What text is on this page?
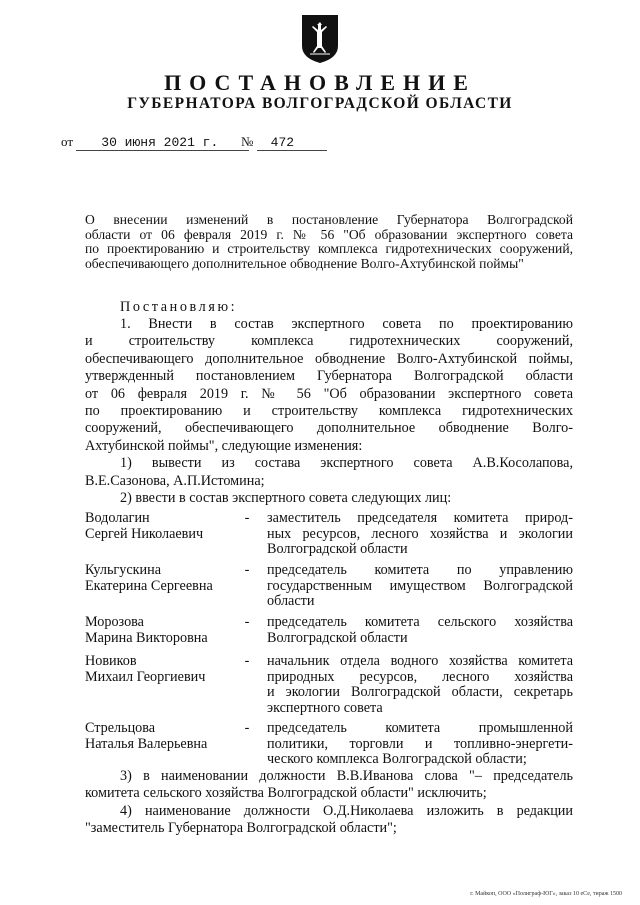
ПОСТАНОВЛЕНИЕ
ГУБЕРНАТОРА ВОЛГОГРАДСКОЙ ОБЛАСТИ
от 30 июня 2021 г.	№ 472
О внесении изменений в постановление Губернатора Волгоградской
области от 06 февраля 2019 г. № 56 "Об образовании экспертного совета
по проектированию и строительству комплекса гидротехнических сооружений,
обеспечивающего дополнительное обводнение Волго-Ахтубинской поймы"
Постановляю:
1. Внести в состав экспертного совета по проектированию
и строительству комплекса гидротехнических сооружений,
обеспечивающего дополнительное обводнение Волго-Ахтубинской поймы,
утвержденный постановлением Губернатора Волгоградской области
от 06 февраля 2019 г. № 56 "Об образовании экспертного совета
по проектированию и строительству комплекса гидротехнических
сооружений, обеспечивающего дополнительное обводнение Волго-
Ахтубинской поймы", следующие изменения:
1) вывести из состава экспертного совета А.В.Косолапова,
В.Е.Сазонова, А.П.Истомина;
2) ввести в состав экспертного совета следующих лиц:
Водолагин
Сергей Николаевич
- заместитель председателя комитета природ-
ных ресурсов, лесного хозяйства и экологии
Волгоградской области
Кульгускина
Екатерина Сергеевна
- председатель комитета по управлению
государственным имуществом Волгоградской
области
Морозова
Марина Викторовна
- председатель комитета сельского хозяйства
Волгоградской области
Новиков
Михаил Георгиевич
- начальник отдела водного хозяйства комитета
природных ресурсов, лесного хозяйства
и экологии Волгоградской области, секретарь
экспертного совета
Стрельцова
Наталья Валерьевна
- председатель комитета промышленной
политики, торговли и топливно-энергети-
ческого комплекса Волгоградской области;
3) в наименовании должности В.В.Иванова слова "– председатель
комитета сельского хозяйства Волгоградской области" исключить;
4) наименование должности О.Д.Николаева изложить в редакции
"заместитель Губернатора Волгоградской области";
г. Майкоп, ООО «Полиграф-ЮГ», заказ 10 eСе, тираж 1500
